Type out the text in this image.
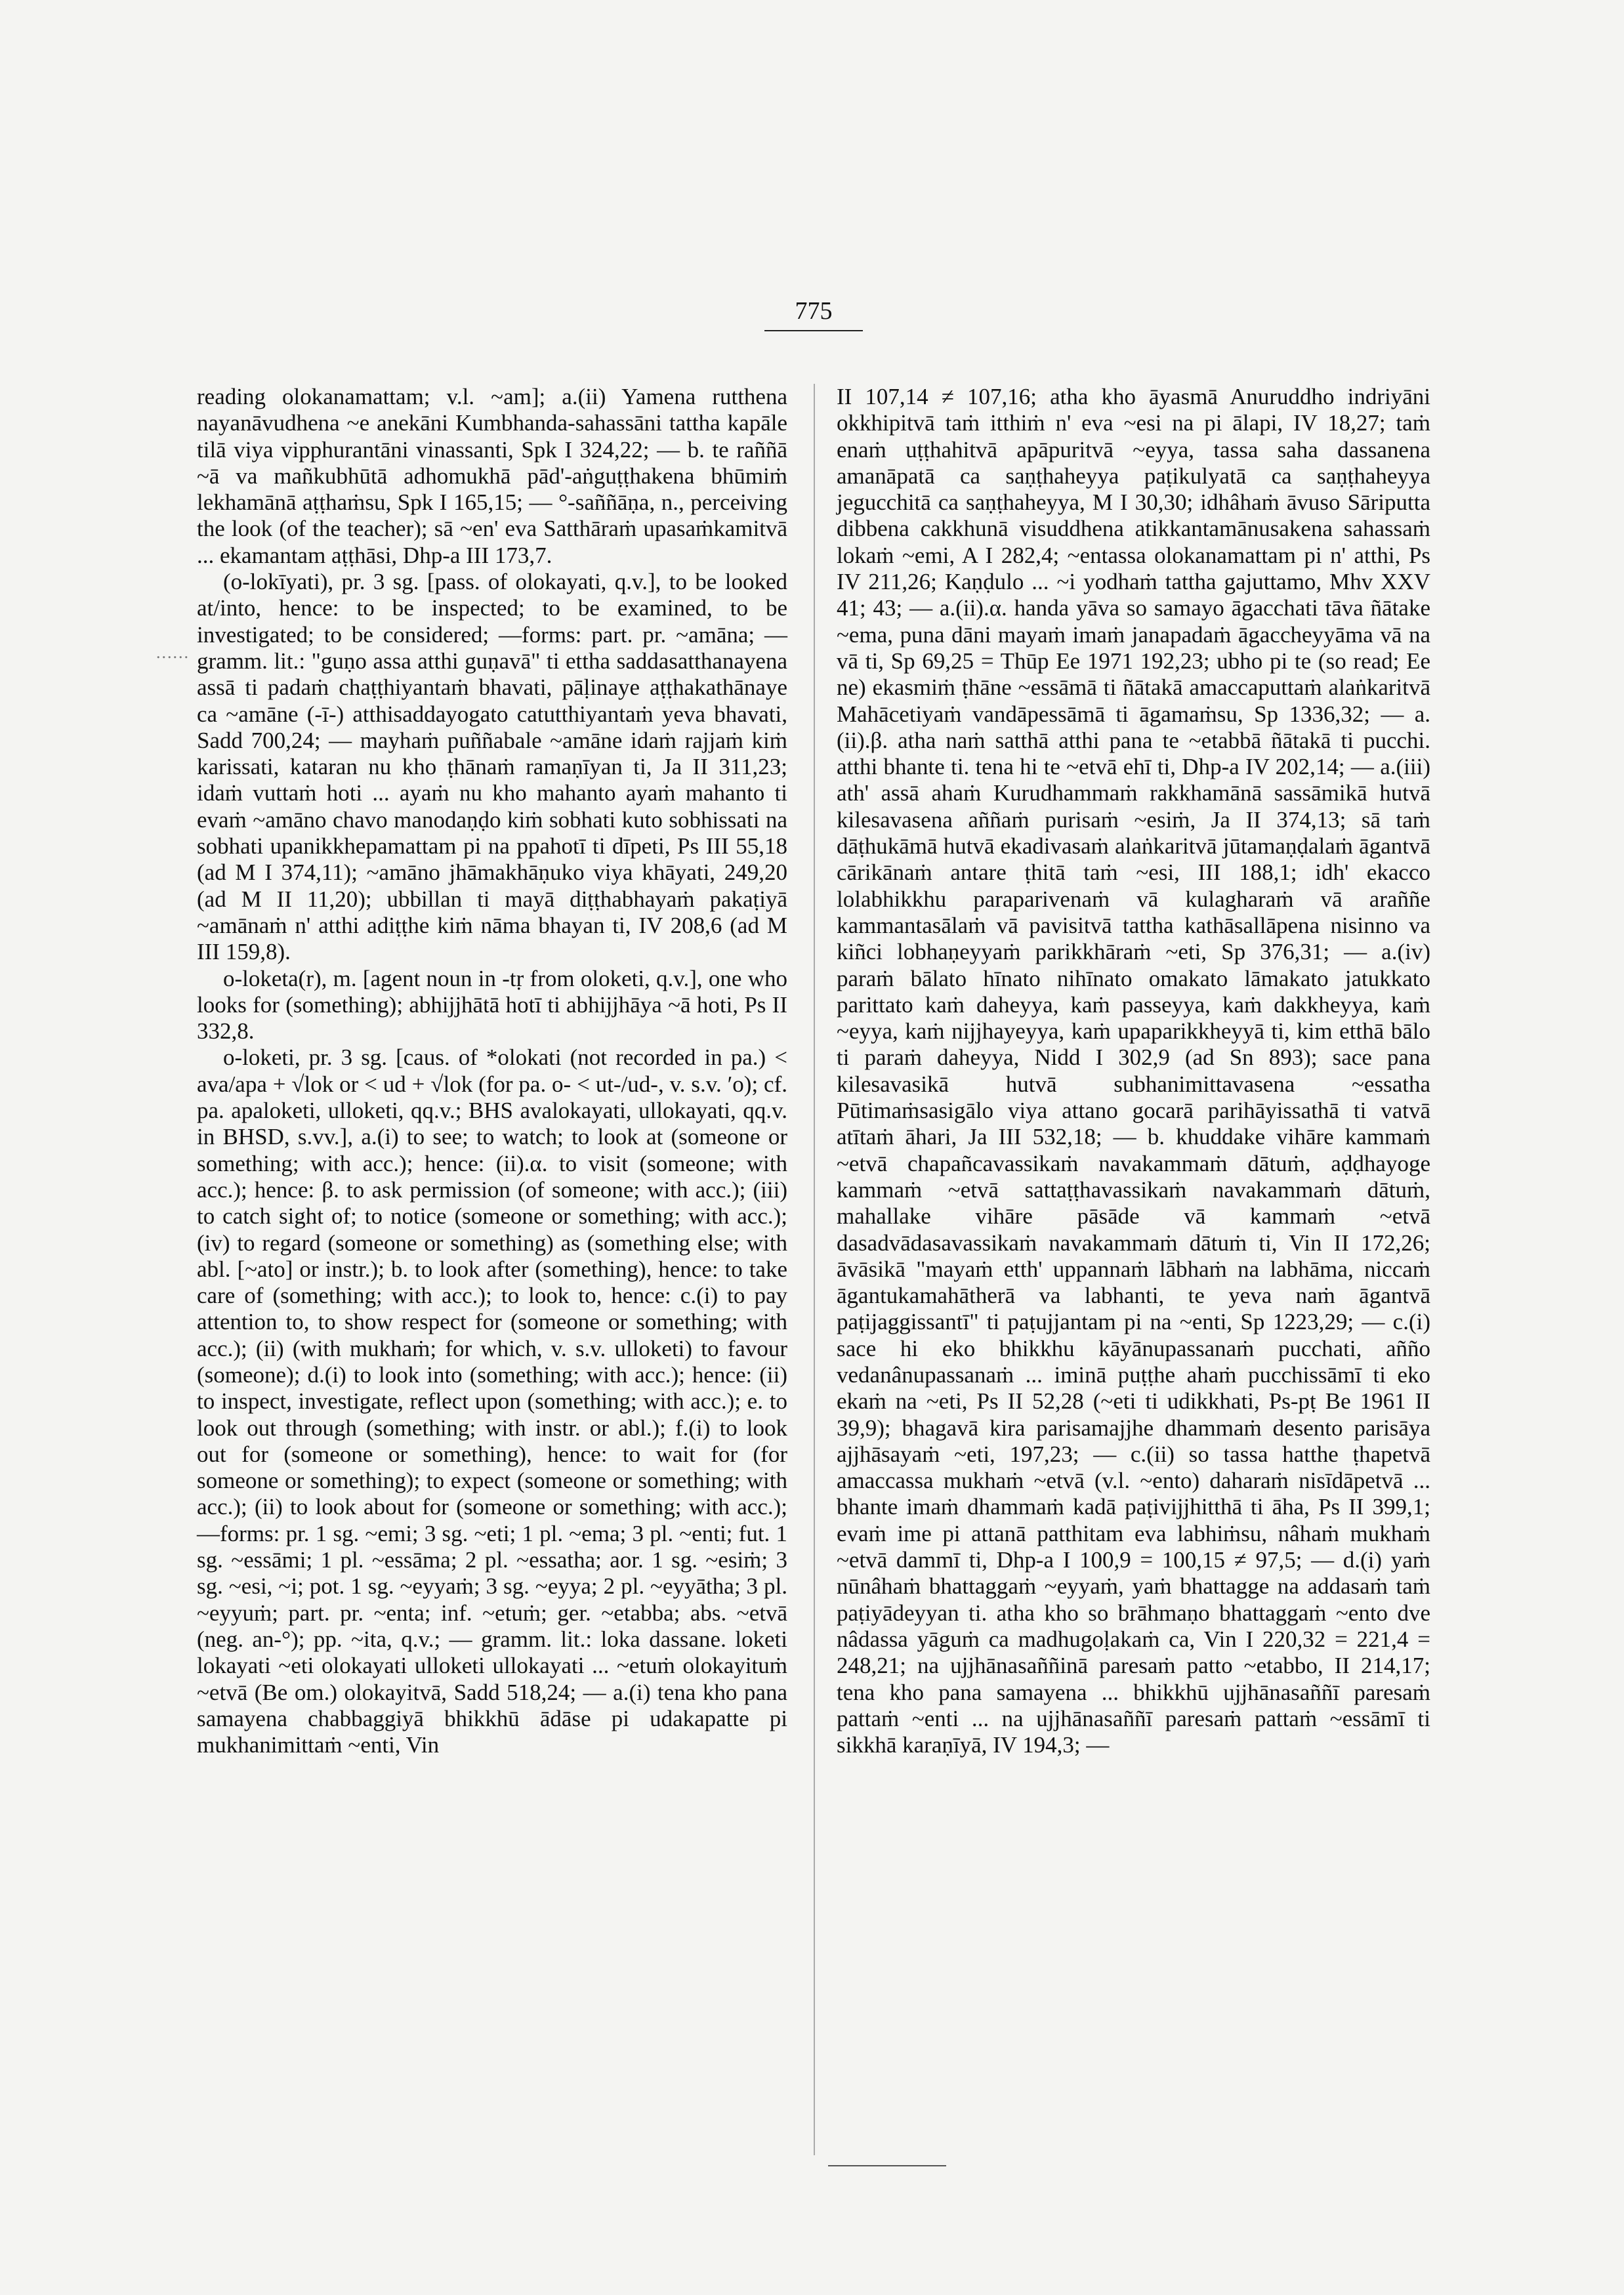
775
......

reading olokanamattam; v.l. ~am]; a.(ii) Yamena rutthena nayanāvudhena ~e anekāni Kumbhanda-sahassāni tattha kapāle tilā viya vipphurantāni vinassanti, Spk I 324,22; — b. te raññā ~ā va mañkubhūtā adhomukhā pād'-aṅguṭṭhakena bhūmiṁ lekhamānā aṭṭhaṁsu, Spk I 165,15; — °-saññāṇa, n., perceiving the look (of the teacher); sā ~en' eva Satthāraṁ upasaṁkamitvā ... ekamantam aṭṭhāsi, Dhp-a III 173,7.

(o-lokīyati), pr. 3 sg. [pass. of olokayati, q.v.], to be looked at/into, hence: to be inspected; to be examined, to be investigated; to be considered; —forms: part. pr. ~amāna; — gramm. lit.: "guṇo assa atthi guṇavā" ti ettha saddasatthanayena assā ti padaṁ chaṭṭhiyantaṁ bhavati, pāḷinaye aṭṭhakathānaye ca ~amāne (-ī-) atthisaddayogato catutthiyantaṁ yeva bhavati, Sadd 700,24; — mayhaṁ puññabale ~amāne idaṁ rajjaṁ kiṁ karissati, kataran nu kho ṭhānaṁ ramaṇīyan ti, Ja II 311,23; idaṁ vuttaṁ hoti ... ayaṁ nu kho mahanto ayaṁ mahanto ti evaṁ ~amāno chavo manodaṇḍo kiṁ sobhati kuto sobhissati na sobhati upanikkhepamattam pi na ppahotī ti dīpeti, Ps III 55,18 (ad M I 374,11); ~amāno jhāmakhāṇuko viya khāyati, 249,20 (ad M II 11,20); ubbillan ti mayā diṭṭhabhayaṁ pakaṭiyā ~amānaṁ n' atthi adiṭṭhe kiṁ nāma bhayan ti, IV 208,6 (ad M III 159,8).

o-loketa(r), m. [agent noun in -tṛ from oloketi, q.v.], one who looks for (something); abhijjhātā hotī ti abhijjhāya ~ā hoti, Ps II 332,8.

o-loketi, pr. 3 sg. [caus. of *olokati (not recorded in pa.) < ava/apa + √lok or < ud + √lok (for pa. o- < ut-/ud-, v. s.v. ʹo); cf. pa. apaloketi, ulloketi, qq.v.; BHS avalokayati, ullokayati, qq.v. in BHSD, s.vv.], a.(i) to see; to watch; to look at (someone or something; with acc.); hence: (ii).α. to visit (someone; with acc.); hence: β. to ask permission (of someone; with acc.); (iii) to catch sight of; to notice (someone or something; with acc.); (iv) to regard (someone or something) as (something else; with abl. [~ato] or instr.); b. to look after (something), hence: to take care of (something; with acc.); to look to, hence: c.(i) to pay attention to, to show respect for (someone or something; with acc.); (ii) (with mukhaṁ; for which, v. s.v. ulloketi) to favour (someone); d.(i) to look into (something; with acc.); hence: (ii) to inspect, investigate, reflect upon (something; with acc.); e. to look out through (something; with instr. or abl.); f.(i) to look out for (someone or something), hence: to wait for (for someone or something); to expect (someone or something; with acc.); (ii) to look about for (someone or something; with acc.); —forms: pr. 1 sg. ~emi; 3 sg. ~eti; 1 pl. ~ema; 3 pl. ~enti; fut. 1 sg. ~essāmi; 1 pl. ~essāma; 2 pl. ~essatha; aor. 1 sg. ~esiṁ; 3 sg. ~esi, ~i; pot. 1 sg. ~eyyaṁ; 3 sg. ~eyya; 2 pl. ~eyyātha; 3 pl. ~eyyuṁ; part. pr. ~enta; inf. ~etuṁ; ger. ~etabba; abs. ~etvā (neg. an-°); pp. ~ita, q.v.; — gramm. lit.: loka dassane. loketi lokayati ~eti olokayati ulloketi ullokayati ... ~etuṁ olokayituṁ ~etvā (Be om.) olokayitvā, Sadd 518,24; — a.(i) tena kho pana samayena chabbaggiyā bhikkhū ādāse pi udakapatte pi mukhanimittaṁ ~enti, Vin

II 107,14 ≠ 107,16; atha kho āyasmā Anuruddho indriyāni okkhipitvā taṁ itthiṁ n' eva ~esi na pi ālapi, IV 18,27; taṁ enaṁ uṭṭhahitvā apāpuritvā ~eyya, tassa saha dassanena amanāpatā ca saṇṭhaheyya paṭikulyatā ca saṇṭhaheyya jegucchitā ca saṇṭhaheyya, M I 30,30; idhâhaṁ āvuso Sāriputta dibbena cakkhunā visuddhena atikkantamānusakena sahassaṁ lokaṁ ~emi, A I 282,4; ~entassa olokanamattam pi n' atthi, Ps IV 211,26; Kaṇḍulo ... ~i yodhaṁ tattha gajuttamo, Mhv XXV 41; 43; — a.(ii).α. handa yāva so samayo āgacchati tāva ñātake ~ema, puna dāni mayaṁ imaṁ janapadaṁ āgaccheyyāma vā na vā ti, Sp 69,25 = Thūp Ee 1971 192,23; ubho pi te (so read; Ee ne) ekasmiṁ ṭhāne ~essāmā ti ñātakā amaccaputtaṁ alaṅkaritvā Mahācetiyaṁ vandāpessāmā ti āgamaṁsu, Sp 1336,32; — a.(ii).β. atha naṁ satthā atthi pana te ~etabbā ñātakā ti pucchi. atthi bhante ti. tena hi te ~etvā ehī ti, Dhp-a IV 202,14; — a.(iii) ath' assā ahaṁ Kurudhammaṁ rakkhamānā sassāmikā hutvā kilesavasena aññaṁ purisaṁ ~esiṁ, Ja II 374,13; sā taṁ dāṭhukāmā hutvā ekadivasaṁ alaṅkaritvā jūtamaṇḍalaṁ āgantvā cārikānaṁ antare ṭhitā taṁ ~esi, III 188,1; idh' ekacco lolabhikkhu paraparivenaṁ vā kulagharaṁ vā araññe kammantasālaṁ vā pavisitvā tattha kathāsallāpena nisinno va kiñci lobhaṇeyyaṁ parikkhāraṁ ~eti, Sp 376,31; — a.(iv) paraṁ bālato hīnato nihīnato omakato lāmakato jatukkato parittato kaṁ daheyya, kaṁ passeyya, kaṁ dakkheyya, kaṁ ~eyya, kaṁ nijjhayeyya, kaṁ upaparikkheyyā ti, kim etthā bālo ti paraṁ daheyya, Nidd I 302,9 (ad Sn 893); sace pana kilesavasikā hutvā subhanimittavasena ~essatha Pūtimaṁsasigālo viya attano gocarā parihāyissathā ti vatvā atītaṁ āhari, Ja III 532,18; — b. khuddake vihāre kammaṁ ~etvā chapañcavassikaṁ navakammaṁ dātuṁ, aḍḍhayoge kammaṁ ~etvā sattaṭṭhavassikaṁ navakammaṁ dātuṁ, mahallake vihāre pāsāde vā kammaṁ ~etvā dasadvādasavassikaṁ navakammaṁ dātuṁ ti, Vin II 172,26; āvāsikā "mayaṁ etth' uppannaṁ lābhaṁ na labhāma, niccaṁ āgantukamahātherā va labhanti, te yeva naṁ āgantvā paṭijaggissantī" ti paṭujjantam pi na ~enti, Sp 1223,29; — c.(i) sace hi eko bhikkhu kāyānupassanaṁ pucchati, añño vedanânupassanaṁ ... iminā puṭṭhe ahaṁ pucchissāmī ti eko ekaṁ na ~eti, Ps II 52,28 (~eti ti udikkhati, Ps-pṭ Be 1961 II 39,9); bhagavā kira parisamajjhe dhammaṁ desento parisāya ajjhāsayaṁ ~eti, 197,23; — c.(ii) so tassa hatthe ṭhapetvā amaccassa mukhaṁ ~etvā (v.l. ~ento) daharaṁ nisīdāpetvā ... bhante imaṁ dhammaṁ kadā paṭivijjhitthā ti āha, Ps II 399,1; evaṁ ime pi attanā patthitam eva labhiṁsu, nâhaṁ mukhaṁ ~etvā dammī ti, Dhp-a I 100,9 = 100,15 ≠ 97,5; — d.(i) yaṁ nūnâhaṁ bhattaggaṁ ~eyyaṁ, yaṁ bhattagge na addasaṁ taṁ paṭiyādeyyan ti. atha kho so brāhmaṇo bhattaggaṁ ~ento dve nâdassa yāguṁ ca madhugoḷakaṁ ca, Vin I 220,32 = 221,4 = 248,21; na ujjhānasaññinā paresaṁ patto ~etabbo, II 214,17; tena kho pana samayena ... bhikkhū ujjhānasaññī paresaṁ pattaṁ ~enti ... na ujjhānasaññī paresaṁ pattaṁ ~essāmī ti sikkhā karaṇīyā, IV 194,3; —
